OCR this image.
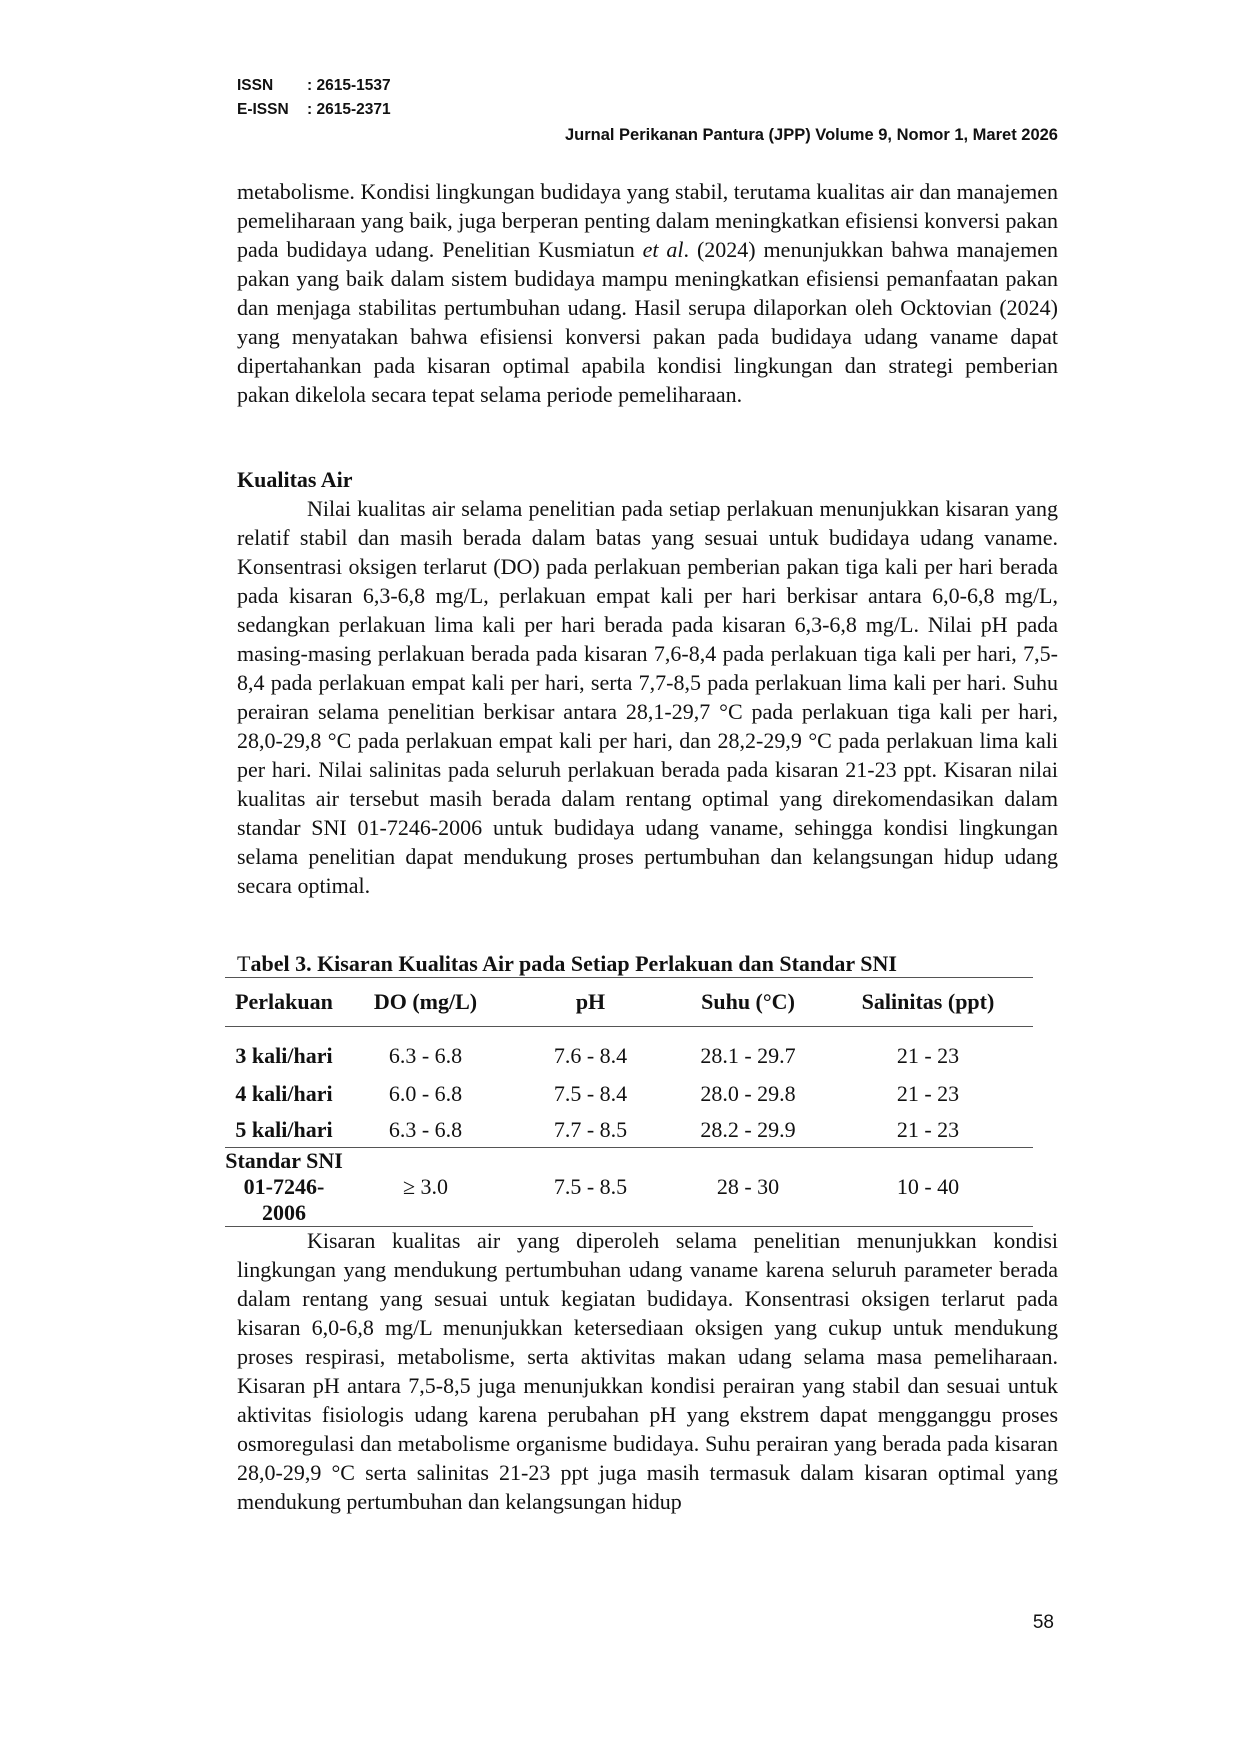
ISSN : 2615-1537
E-ISSN : 2615-2371
Jurnal Perikanan Pantura (JPP) Volume 9, Nomor 1, Maret 2026

metabolisme. Kondisi lingkungan budidaya yang stabil, terutama kualitas air dan manajemen pemeliharaan yang baik, juga berperan penting dalam meningkatkan efisiensi konversi pakan pada budidaya udang. Penelitian Kusmiatun et al. (2024) menunjukkan bahwa manajemen pakan yang baik dalam sistem budidaya mampu meningkatkan efisiensi pemanfaatan pakan dan menjaga stabilitas pertumbuhan udang. Hasil serupa dilaporkan oleh Ocktovian (2024) yang menyatakan bahwa efisiensi konversi pakan pada budidaya udang vaname dapat dipertahankan pada kisaran optimal apabila kondisi lingkungan dan strategi pemberian pakan dikelola secara tepat selama periode pemeliharaan.

Kualitas Air

Nilai kualitas air selama penelitian pada setiap perlakuan menunjukkan kisaran yang relatif stabil dan masih berada dalam batas yang sesuai untuk budidaya udang vaname. Konsentrasi oksigen terlarut (DO) pada perlakuan pemberian pakan tiga kali per hari berada pada kisaran 6,3-6,8 mg/L, perlakuan empat kali per hari berkisar antara 6,0-6,8 mg/L, sedangkan perlakuan lima kali per hari berada pada kisaran 6,3-6,8 mg/L. Nilai pH pada masing-masing perlakuan berada pada kisaran 7,6-8,4 pada perlakuan tiga kali per hari, 7,5-8,4 pada perlakuan empat kali per hari, serta 7,7-8,5 pada perlakuan lima kali per hari. Suhu perairan selama penelitian berkisar antara 28,1-29,7 °C pada perlakuan tiga kali per hari, 28,0-29,8 °C pada perlakuan empat kali per hari, dan 28,2-29,9 °C pada perlakuan lima kali per hari. Nilai salinitas pada seluruh perlakuan berada pada kisaran 21-23 ppt. Kisaran nilai kualitas air tersebut masih berada dalam rentang optimal yang direkomendasikan dalam standar SNI 01-7246-2006 untuk budidaya udang vaname, sehingga kondisi lingkungan selama penelitian dapat mendukung proses pertumbuhan dan kelangsungan hidup udang secara optimal.

Tabel 3. Kisaran Kualitas Air pada Setiap Perlakuan dan Standar SNI
Perlakuan	DO (mg/L)	pH	Suhu (°C)	Salinitas (ppt)
3 kali/hari	6.3 - 6.8	7.6 - 8.4	28.1 - 29.7	21 - 23
4 kali/hari	6.0 - 6.8	7.5 - 8.4	28.0 - 29.8	21 - 23
5 kali/hari	6.3 - 6.8	7.7 - 8.5	28.2 - 29.9	21 - 23
Standar SNI
01-7246-2006	≥ 3.0	7.5 - 8.5	28 - 30	10 - 40

Kisaran kualitas air yang diperoleh selama penelitian menunjukkan kondisi lingkungan yang mendukung pertumbuhan udang vaname karena seluruh parameter berada dalam rentang yang sesuai untuk kegiatan budidaya. Konsentrasi oksigen terlarut pada kisaran 6,0-6,8 mg/L menunjukkan ketersediaan oksigen yang cukup untuk mendukung proses respirasi, metabolisme, serta aktivitas makan udang selama masa pemeliharaan. Kisaran pH antara 7,5-8,5 juga menunjukkan kondisi perairan yang stabil dan sesuai untuk aktivitas fisiologis udang karena perubahan pH yang ekstrem dapat mengganggu proses osmoregulasi dan metabolisme organisme budidaya. Suhu perairan yang berada pada kisaran 28,0-29,9 °C serta salinitas 21-23 ppt juga masih termasuk dalam kisaran optimal yang mendukung pertumbuhan dan kelangsungan hidup

58
